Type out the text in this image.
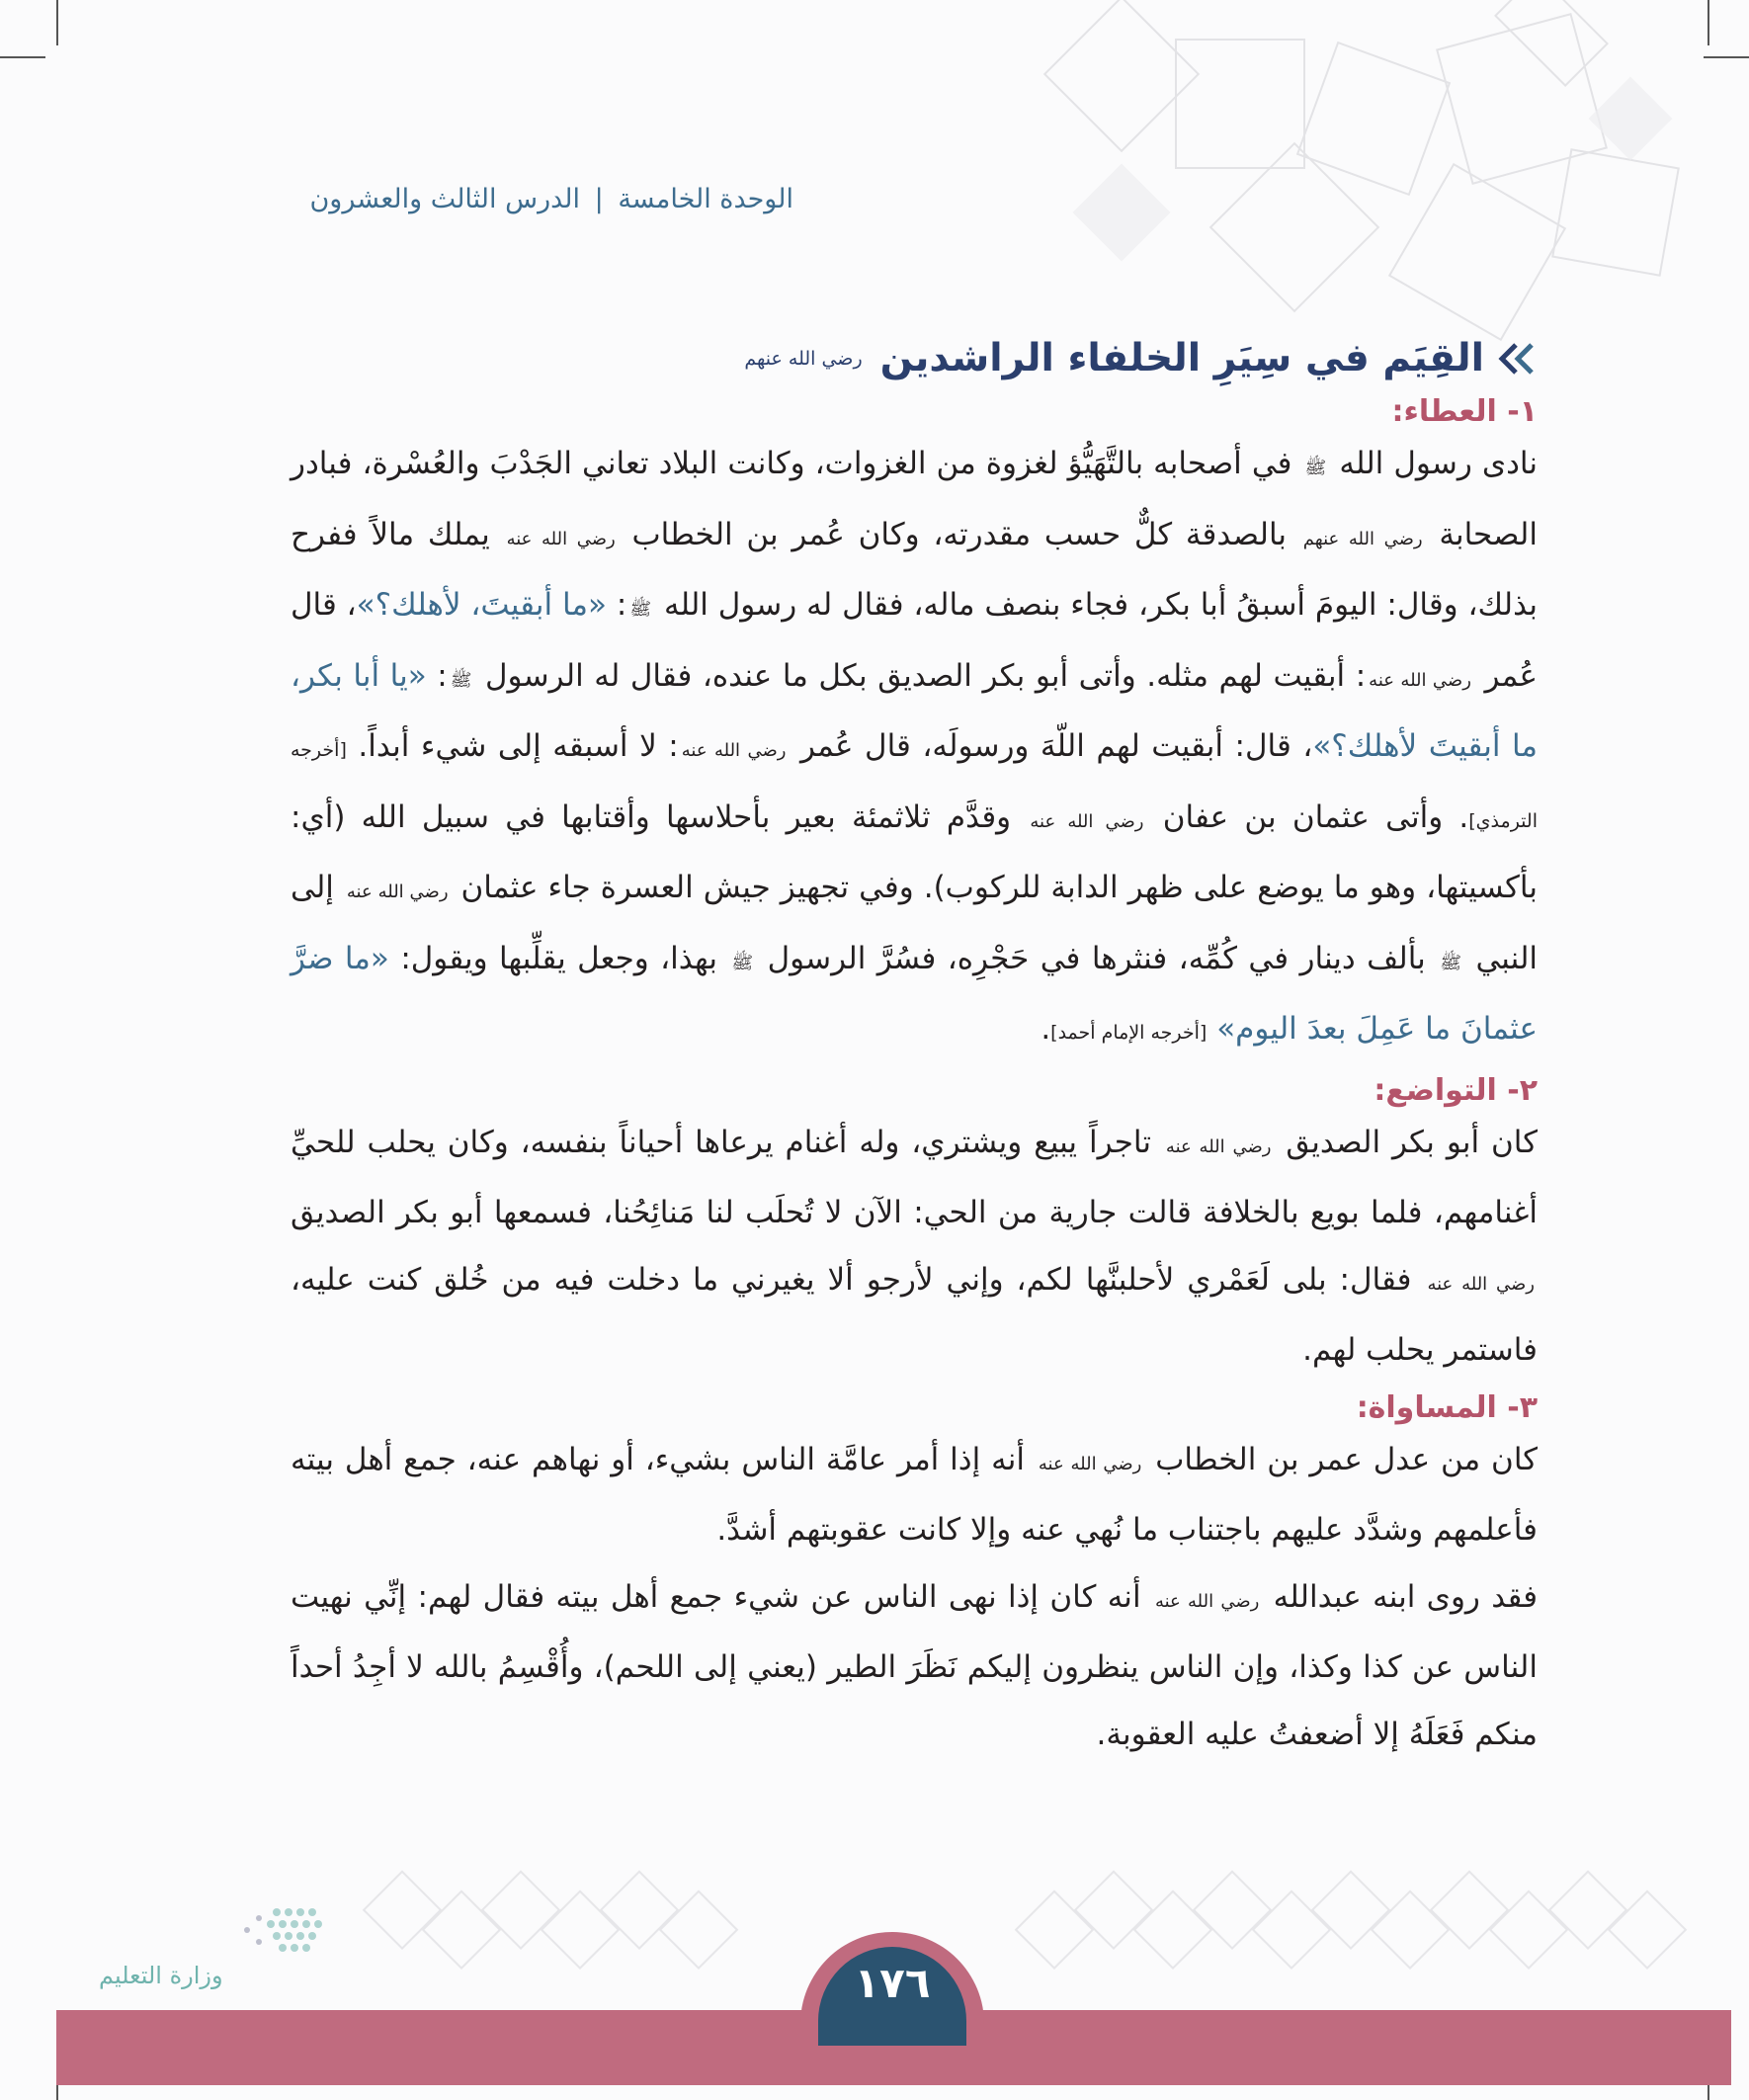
الوحدة الخامسة | الدرس الثالث والعشرون
القِيَم في سِيَرِ الخلفاء الراشدين
رضي الله عنهم
١- العطاء:

نادى رسول الله ﷺ في أصحابه بالتَّهَيُّؤ لغزوة من الغزوات، وكانت البلاد تعاني الجَدْبَ والعُسْرة، فبادر الصحابة رضي الله عنهم بالصدقة كلٌّ حسب مقدرته، وكان عُمر بن الخطاب رضي الله عنه يملك مالاً ففرح بذلك، وقال: اليومَ أسبقُ أبا بكر، فجاء بنصف ماله، فقال له رسول الله ﷺ: «ما أبقيتَ، لأهلك؟»، قال عُمر رضي الله عنه: أبقيت لهم مثله. وأتى أبو بكر الصديق بكل ما عنده، فقال له الرسول ﷺ: «يا أبا بكر، ما أبقيتَ لأهلك؟»، قال: أبقيت لهم اللّهَ ورسولَه، قال عُمر رضي الله عنه: لا أسبقه إلى شيء أبداً. [أخرجه الترمذي]. وأتى عثمان بن عفان رضي الله عنه وقدَّم ثلاثمئة بعير بأحلاسها وأقتابها في سبيل الله (أي: بأكسيتها، وهو ما يوضع على ظهر الدابة للركوب). وفي تجهيز جيش العسرة جاء عثمان رضي الله عنه إلى النبي ﷺ بألف دينار في كُمِّه، فنثرها في حَجْرِه، فسُرَّ الرسول ﷺ بهذا، وجعل يقلِّبها ويقول: «ما ضرَّ عثمانَ ما عَمِلَ بعدَ اليوم» [أخرجه الإمام أحمد].

٢- التواضع:

كان أبو بكر الصديق رضي الله عنه تاجراً يبيع ويشتري، وله أغنام يرعاها أحياناً بنفسه، وكان يحلب للحيِّ أغنامهم، فلما بويع بالخلافة قالت جارية من الحي: الآن لا تُحلَب لنا مَنائِحُنا، فسمعها أبو بكر الصديق رضي الله عنه فقال: بلى لَعَمْري لأحلبنَّها لكم، وإني لأرجو ألا يغيرني ما دخلت فيه من خُلق كنت عليه، فاستمر يحلب لهم.

٣- المساواة:

كان من عدل عمر بن الخطاب رضي الله عنه أنه إذا أمر عامَّة الناس بشيء، أو نهاهم عنه، جمع أهل بيته فأعلمهم وشدَّد عليهم باجتناب ما نُهي عنه وإلا كانت عقوبتهم أشدَّ.

فقد روى ابنه عبدالله رضي الله عنه أنه كان إذا نهى الناس عن شيء جمع أهل بيته فقال لهم: إنِّي نهيت الناس عن كذا وكذا، وإن الناس ينظرون إليكم نَظَرَ الطير (يعني إلى اللحم)، وأُقْسِمُ بالله لا أجِدُ أحداً منكم فَعَلَهُ إلا أضعفتُ عليه العقوبة.

وزارة التعليم	١٧٦
